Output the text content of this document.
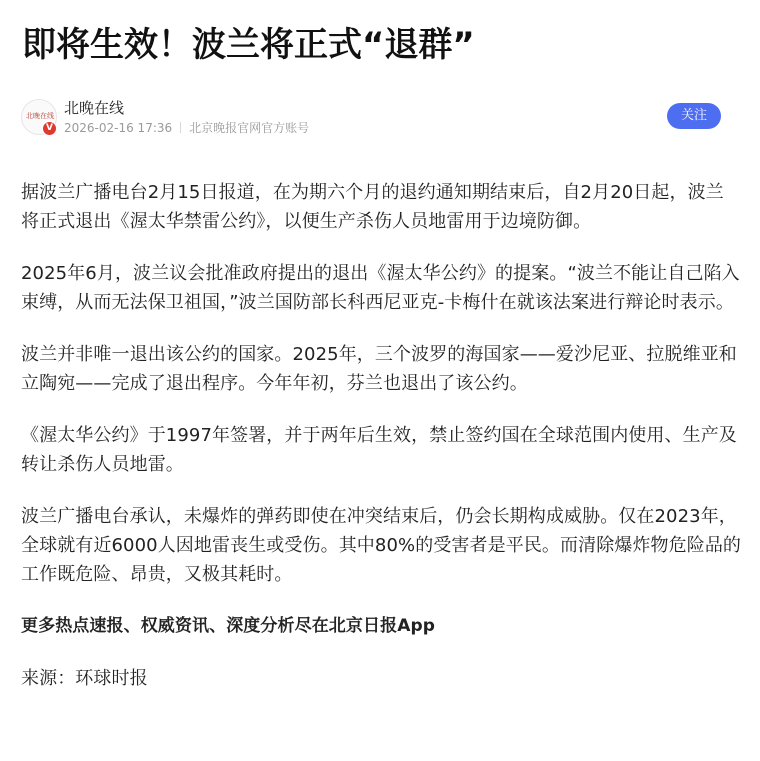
即将生效！波兰将正式“退群”
北晚在线
V
北晚在线
2026-02-16 17:36 北京晚报官网官方账号
关注

据波兰广播电台2月15日报道，在为期六个月的退约通知期结束后，自2月20日起，波兰将正式退出《渥太华禁雷公约》，以便生产杀伤人员地雷用于边境防御。

2025年6月，波兰议会批准政府提出的退出《渥太华公约》的提案。“波兰不能让自己陷入束缚，从而无法保卫祖国，”波兰国防部长科西尼亚克-卡梅什在就该法案进行辩论时表示。

波兰并非唯一退出该公约的国家。2025年，三个波罗的海国家——爱沙尼亚、拉脱维亚和立陶宛——完成了退出程序。今年年初，芬兰也退出了该公约。

《渥太华公约》于1997年签署，并于两年后生效，禁止签约国在全球范围内使用、生产及转让杀伤人员地雷。

波兰广播电台承认，未爆炸的弹药即使在冲突结束后，仍会长期构成威胁。仅在2023年，全球就有近6000人因地雷丧生或受伤。其中80%的受害者是平民。而清除爆炸物危险品的工作既危险、昂贵，又极其耗时。

更多热点速报、权威资讯、深度分析尽在北京日报App

来源：环球时报
